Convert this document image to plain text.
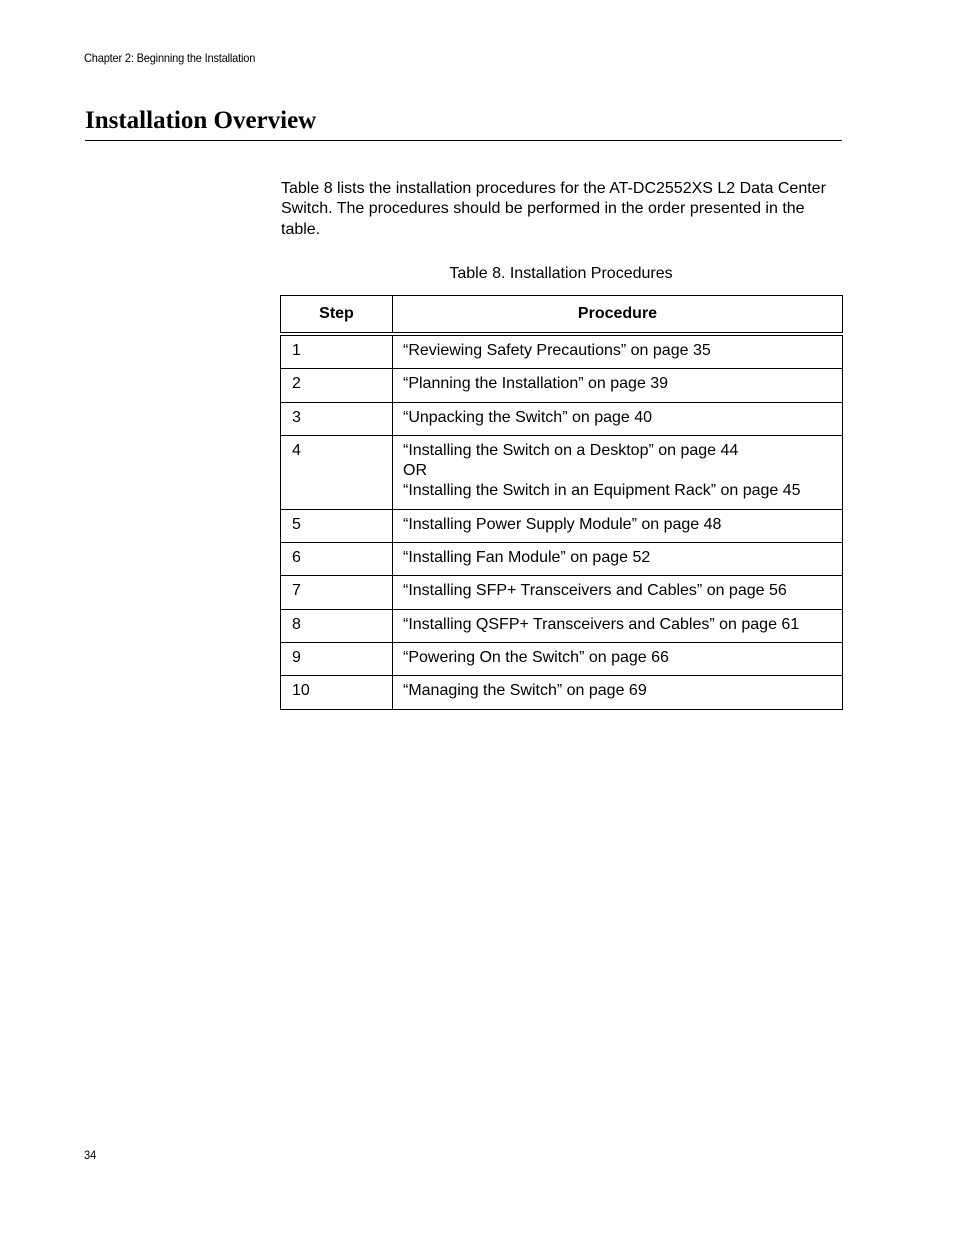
Chapter 2: Beginning the Installation
Installation Overview

Table 8 lists the installation procedures for the AT-DC2552XS L2 Data Center Switch. The procedures should be performed in the order presented in the table.

Table 8. Installation Procedures
Step	Procedure
1	“Reviewing Safety Precautions” on page 35

2	“Planning the Installation” on page 39

3	“Unpacking the Switch” on page 40

4	“Installing the Switch on a Desktop” on page 44
OR
“Installing the Switch in an Equipment Rack” on page 45

5	“Installing Power Supply Module” on page 48

6	“Installing Fan Module” on page 52

7	“Installing SFP+ Transceivers and Cables” on page 56

8	“Installing QSFP+ Transceivers and Cables” on page 61

9	“Powering On the Switch” on page 66

10	“Managing the Switch” on page 69
34
